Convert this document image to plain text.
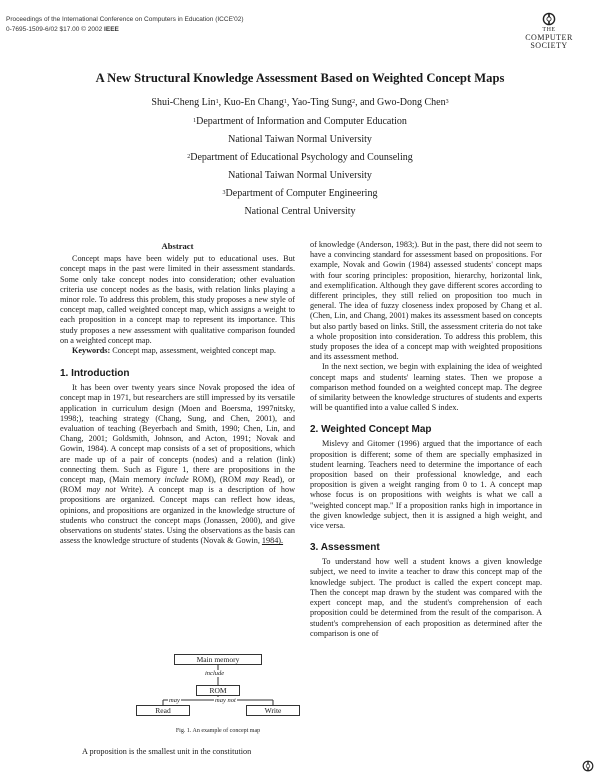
Proceedings of the International Conference on Computers in Education (ICCE'02)
0-7695-1509-6/02 $17.00 © 2002 IEEE	THE
COMPUTER
SOCIETY
A New Structural Knowledge Assessment Based on Weighted Concept Maps
Shui-Cheng Lin$^1$, Kuo-En Chang$^1$, Yao-Ting Sung$^2$, and Gwo-Dong Chen$^3$
$^1$Department of Information and Computer Education
National Taiwan Normal University
$^2$Department of Educational Psychology and Counseling
National Taiwan Normal University
$^3$Department of Computer Engineering
National Central University
Abstract

Concept maps have been widely put to educational uses. But concept maps in the past were limited in their assessment standards. Some only take concept nodes into consideration; other evaluation criteria use concept nodes as the basis, with relation links playing a minor role. To address this problem, this study proposes a new style of concept map, called weighted concept map, which assigns a weight to each proposition in a concept map to represent its importance. This study proposes a new assessment with qualitative comparison founded on a weighted concept map.

Keywords: Concept map, assessment, weighted concept map.

1. Introduction

It has been over twenty years since Novak proposed the idea of concept map in 1971, but researchers are still impressed by its versatile application in curriculum design (Moen and Boersma, 1997nitsky, 1998;), teaching strategy (Chang, Sung, and Chen, 2001), and evaluation of teaching (Beyerbach and Smith, 1990; Chen, Lin, and Chang, 2001; Goldsmith, Johnson, and Acton, 1991; Novak and Gowin, 1984). A concept map consists of a set of propositions, which are made up of a pair of concepts (nodes) and a relation (link) connecting them. Such as Figure 1, there are propositions in the concept map, (Main memory include ROM), (ROM may Read), or (ROM may not Write). A concept map is a description of how propositions are organized. Concept maps can reflect how ideas, opinions, and propositions are organized in the knowledge structure of students who construct the concept maps (Jonassen, 2000), and give observations on students' states. Using the observations as the basis can assess the knowledge structure of students (Novak & Gowin, 1984).

Main memory
include
ROM
may	may not
Read	Write
Fig. 1. An example of concept map
A proposition is the smallest unit in the constitution

of knowledge (Anderson, 1983;). But in the past, there did not seem to have a convincing standard for assessment based on propositions. For example, Novak and Gowin (1984) assessed students' concept maps with four scoring principles: proposition, hierarchy, horizontal link, and exemplification. Although they gave different scores according to different principles, they still relied on proposition too much in general. The idea of fuzzy closeness index proposed by Chang et al. (Chen, Lin, and Chang, 2001) makes its assessment based on concepts but also partly based on links. Still, the assessment criteria do not take a whole proposition into consideration. To address this problem, this study proposes the idea of a concept map with weighted propositions and its assessment method.

In the next section, we begin with explaining the idea of weighted concept maps and students' learning states. Then we propose a comparison method founded on a weighted concept map. The degree of similarity between the knowledge structures of students and experts will be quantified into a value called S index.

2. Weighted Concept Map

Mislevy and Gitomer (1996) argued that the importance of each proposition is different; some of them are specially emphasized in student learning. Teachers need to determine the importance of each proposition based on their professional knowledge, and each proposition is given a weight ranging from 0 to 1. A concept map whose focus is on propositions with weights is what we call a "weighted concept map." If a proposition ranks high in importance in the given knowledge subject, then it is assigned a high weight, and vice versa.

3. Assessment

To understand how well a student knows a given knowledge subject, we need to invite a teacher to draw this concept map of the knowledge subject. The product is called the expert concept map. Then the concept map drawn by the student was compared with the expert concept map, and the student's comprehension of each proposition could be determined from the result of the comparison. A student's comprehension of each proposition as determined after the comparison is one of
